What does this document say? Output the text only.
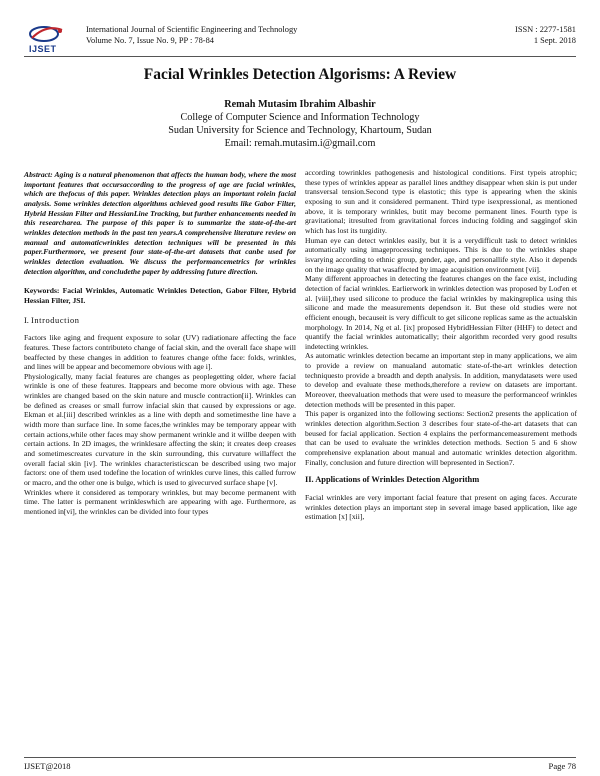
IJSET
International Journal of Scientific Engineering and Technology
Volume No. 7, Issue No. 9, PP : 78-84
ISSN : 2277-1581
1 Sept. 2018
Facial Wrinkles Detection Algorisms: A Review
Remah Mutasim Ibrahim Albashir
College of Computer Science and Information Technology
Sudan University for Science and Technology, Khartoum, Sudan
Email: remah.mutasim.i@gmail.com

Abstract: Aging is a natural phenomenon that affects the human body, where the most important features that occursaccording to the progress of age are facial wrinkles, which are thefocus of this paper. Wrinkles detection plays an important rolein facial analysis. Some wrinkles detection algorithms achieved good results like Gabor Filter, Hybrid Hessian Filter and HessianLine Tracking, but further enhancements needed in this researcharea. The purpose of this paper is to summarize the state-of-the-art wrinkles detection methods in the past ten years.A comprehensive literature review on manual and automaticwrinkles detection techniques will be presented in this paper.Furthermore, we present four state-of-the-art datasets that canbe used for wrinkles detection evaluation. We discuss the performancemetrics for wrinkles detection algorithm, and concludethe paper by addressing future direction.

Keywords: Facial Wrinkles, Automatic Wrinkles Detection, Gabor Filter, Hybrid Hessian Filter, JSI.

I. Introduction

Factors like aging and frequent exposure to solar (UV) radiationare affecting the face features. These factors contributeto change of facial skin, and the overall face shape will beaffected by these changes in addition to features change ofthe face: folds, wrinkles, and lines will be appear and becomemore obvious with age i].

Physiologically, many facial features are changes as peoplegetting older, where facial wrinkle is one of these features. Itappears and become more obvious with age. These wrinkles are changed based on the skin nature and muscle contraction[ii]. Wrinkles can be defined as creases or small furrow infacial skin that caused by expressions or age. Ekman et al.[iii] described wrinkles as a line with depth and sometimesthe line have a width more than surface line. In some faces,the wrinkles may be temporary appear with certain actions,while other faces may show permanent wrinkle and it willbe deepen with certain actions. In 2D images, the wrinklesare affecting the skin; it creates deep creases and sometimescreates curvature in the skin surrounding, this curvature willaffect the overall facial skin [iv]. The wrinkles characteristicscan be described using two major factors: one of them used todefine the location of wrinkles curve lines, this called furrow or macro, and the other one is bulge, which is used to givecurved surface shape [v].

Wrinkles where it considered as temporary wrinkles, but may become permanent with time. The latter is permanent wrinkleswhich are appearing with age. Furthermore, as mentioned in[vi], the wrinkles can be divided into four types

according towrinkles pathogenesis and histological conditions. First typeis atrophic; these types of wrinkles appear as parallel lines andthey disappear when skin is put under transversal tension.Second type is elastotic; this type is appearing when the skinis exposing to sun and it considered permanent. Third type isexpressional, as mentioned above, it is temporary wrinkles, butit may become permanent lines. Fourth type is gravitational; itresulted from gravitational forces inducing folding and saggingof skin which has lost its turgidity.

Human eye can detect wrinkles easily, but it is a verydifficult task to detect wrinkles automatically using imageprocessing techniques. This is due to the wrinkles shape isvarying according to ethnic group, gender, age, and personallife style. Also it depends on the image quality that wasaffected by image acquisition environment [vii].

Many different approaches in detecting the features changes on the face exist, including detection of facial wrinkles. Earlierwork in wrinkles detection was proposed by Lod'en et al. [viii],they used silicone to produce the facial wrinkles by makingreplica using this silicone and made the measurements dependson it. But these old studies were not efficient enough, becauseit is very difficult to get silicone replicas same as the actualskin morphology. In 2014, Ng et al. [ix] proposed HybridHessian Filter (HHF) to detect and quantify the facial wrinkles automatically; their algorithm recorded very good results indetecting wrinkles.

As automatic wrinkles detection became an important step in many applications, we aim to provide a review on manualand automatic state-of-the-art wrinkles detection techniquesto provide a breadth and depth analysis. In addition, manydatasets were used to develop and evaluate these methods,therefore a review on datasets are important. Moreover, theevaluation methods that were used to measure the performanceof wrinkles detection methods will be presented in this paper.

This paper is organized into the following sections: Section2 presents the application of wrinkles detection algorithm.Section 3 describes four state-of-the-art datasets that can beused for facial application. Section 4 explains the performancemeasurement methods that can be used to evaluate the wrinkles detection methods. Section 5 and 6 show comprehensive explanation about manual and automatic wrinkles detection algorithm. Finally, conclusion and future direction will bepresented in Section7.

II. Applications of Wrinkles Detection Algorithm

Facial wrinkles are very important facial feature that present on aging faces. Accurate wrinkles detection plays an important step in several image based application, like age estimation [x] [xii],

IJSET@2018	Page 78
